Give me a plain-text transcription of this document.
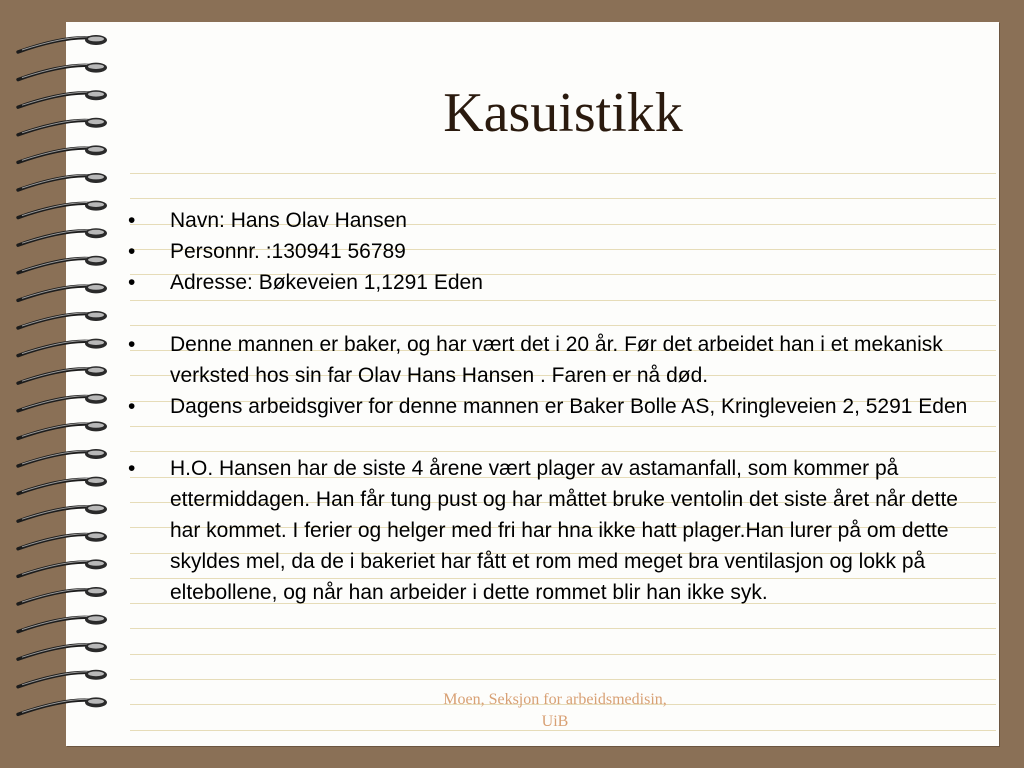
Kasuistikk
• Navn: Hans Olav Hansen
• Personnr. :130941 56789
• Adresse: Bøkeveien 1,1291 Eden
• Denne mannen er baker, og har vært det i 20 år. Før det arbeidet han i et mekanisk verksted hos sin far Olav Hans Hansen . Faren er nå død.
• Dagens arbeidsgiver for denne mannen er Baker Bolle AS, Kringleveien 2, 5291 Eden
• H.O. Hansen har de siste 4 årene vært plager av astamanfall, som kommer på ettermiddagen. Han får tung pust og har måttet bruke ventolin det siste året når dette har kommet. I ferier og helger med fri har hna ikke hatt plager.Han lurer på om dette skyldes mel, da de i bakeriet har fått et rom med meget bra ventilasjon og lokk på eltebollene, og når han arbeider i dette rommet blir han ikke syk.
Moen, Seksjon for arbeidsmedisin,
UiB
